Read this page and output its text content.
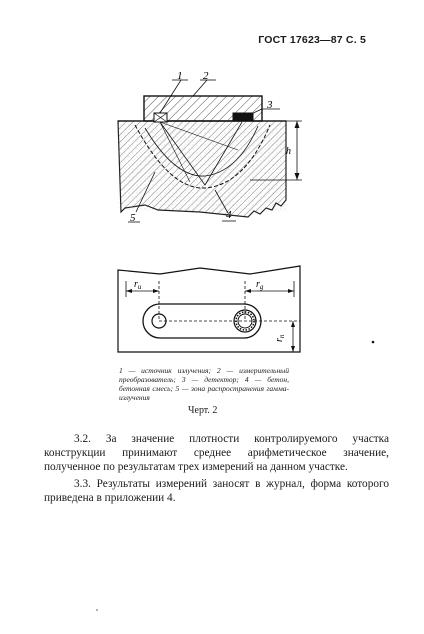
ГОСТ 17623—87 С. 5
1 2
3
4
5
h
$r_u$	$r_g$
$r_n$
1 — источник излучения; 2 — измерительный преобразователь; 3 — детектор; 4 — бетон, бетонная смесь; 5 — зона распространения гамма-излучения
Черт. 2

3.2. За значение плотности контролируемого участка конструкции принимают среднее арифметическое значение, полученное по результатам трех измерений на данном участке.

3.3. Результаты измерений заносят в журнал, форма которого приведена в приложении 4.
